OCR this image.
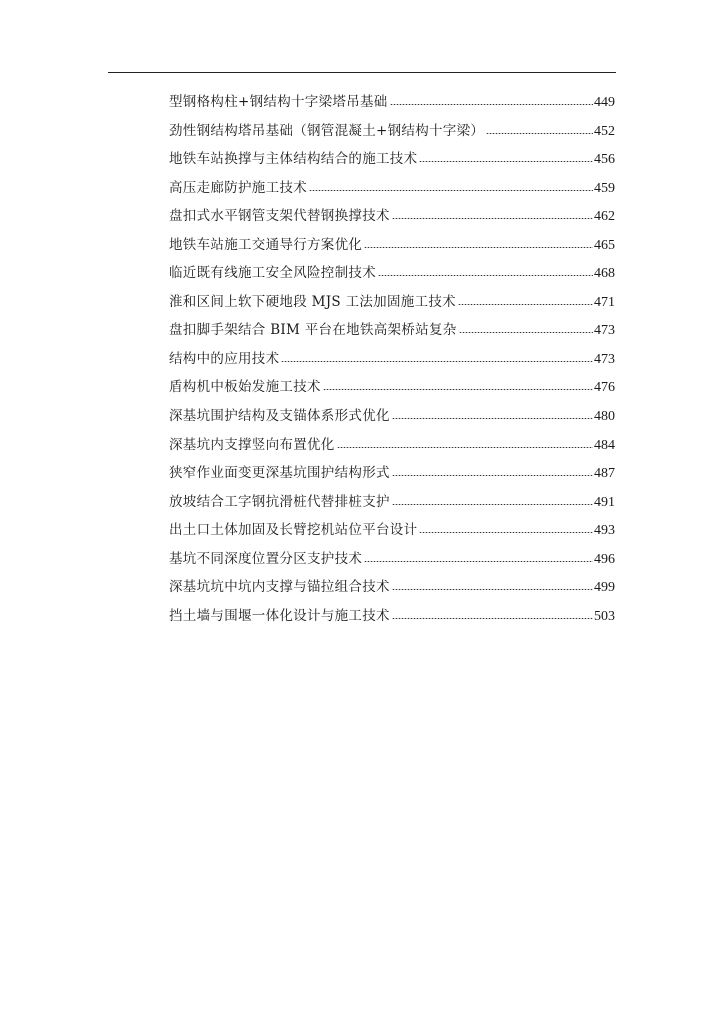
型钢格构柱+钢结构十字梁塔吊基础	449
劲性钢结构塔吊基础（钢管混凝土+钢结构十字梁）	452
地铁车站换撑与主体结构结合的施工技术	456
高压走廊防护施工技术	459
盘扣式水平钢管支架代替钢换撑技术	462
地铁车站施工交通导行方案优化	465
临近既有线施工安全风险控制技术	468
淮和区间上软下硬地段 MJS 工法加固施工技术	471
盘扣脚手架结合 BIM 平台在地铁高架桥站复杂	473
结构中的应用技术	473
盾构机中板始发施工技术	476
深基坑围护结构及支锚体系形式优化	480
深基坑内支撑竖向布置优化	484
狭窄作业面变更深基坑围护结构形式	487
放坡结合工字钢抗滑桩代替排桩支护	491
出土口土体加固及长臂挖机站位平台设计	493
基坑不同深度位置分区支护技术	496
深基坑坑中坑内支撑与锚拉组合技术	499
挡土墙与围堰一体化设计与施工技术	503
